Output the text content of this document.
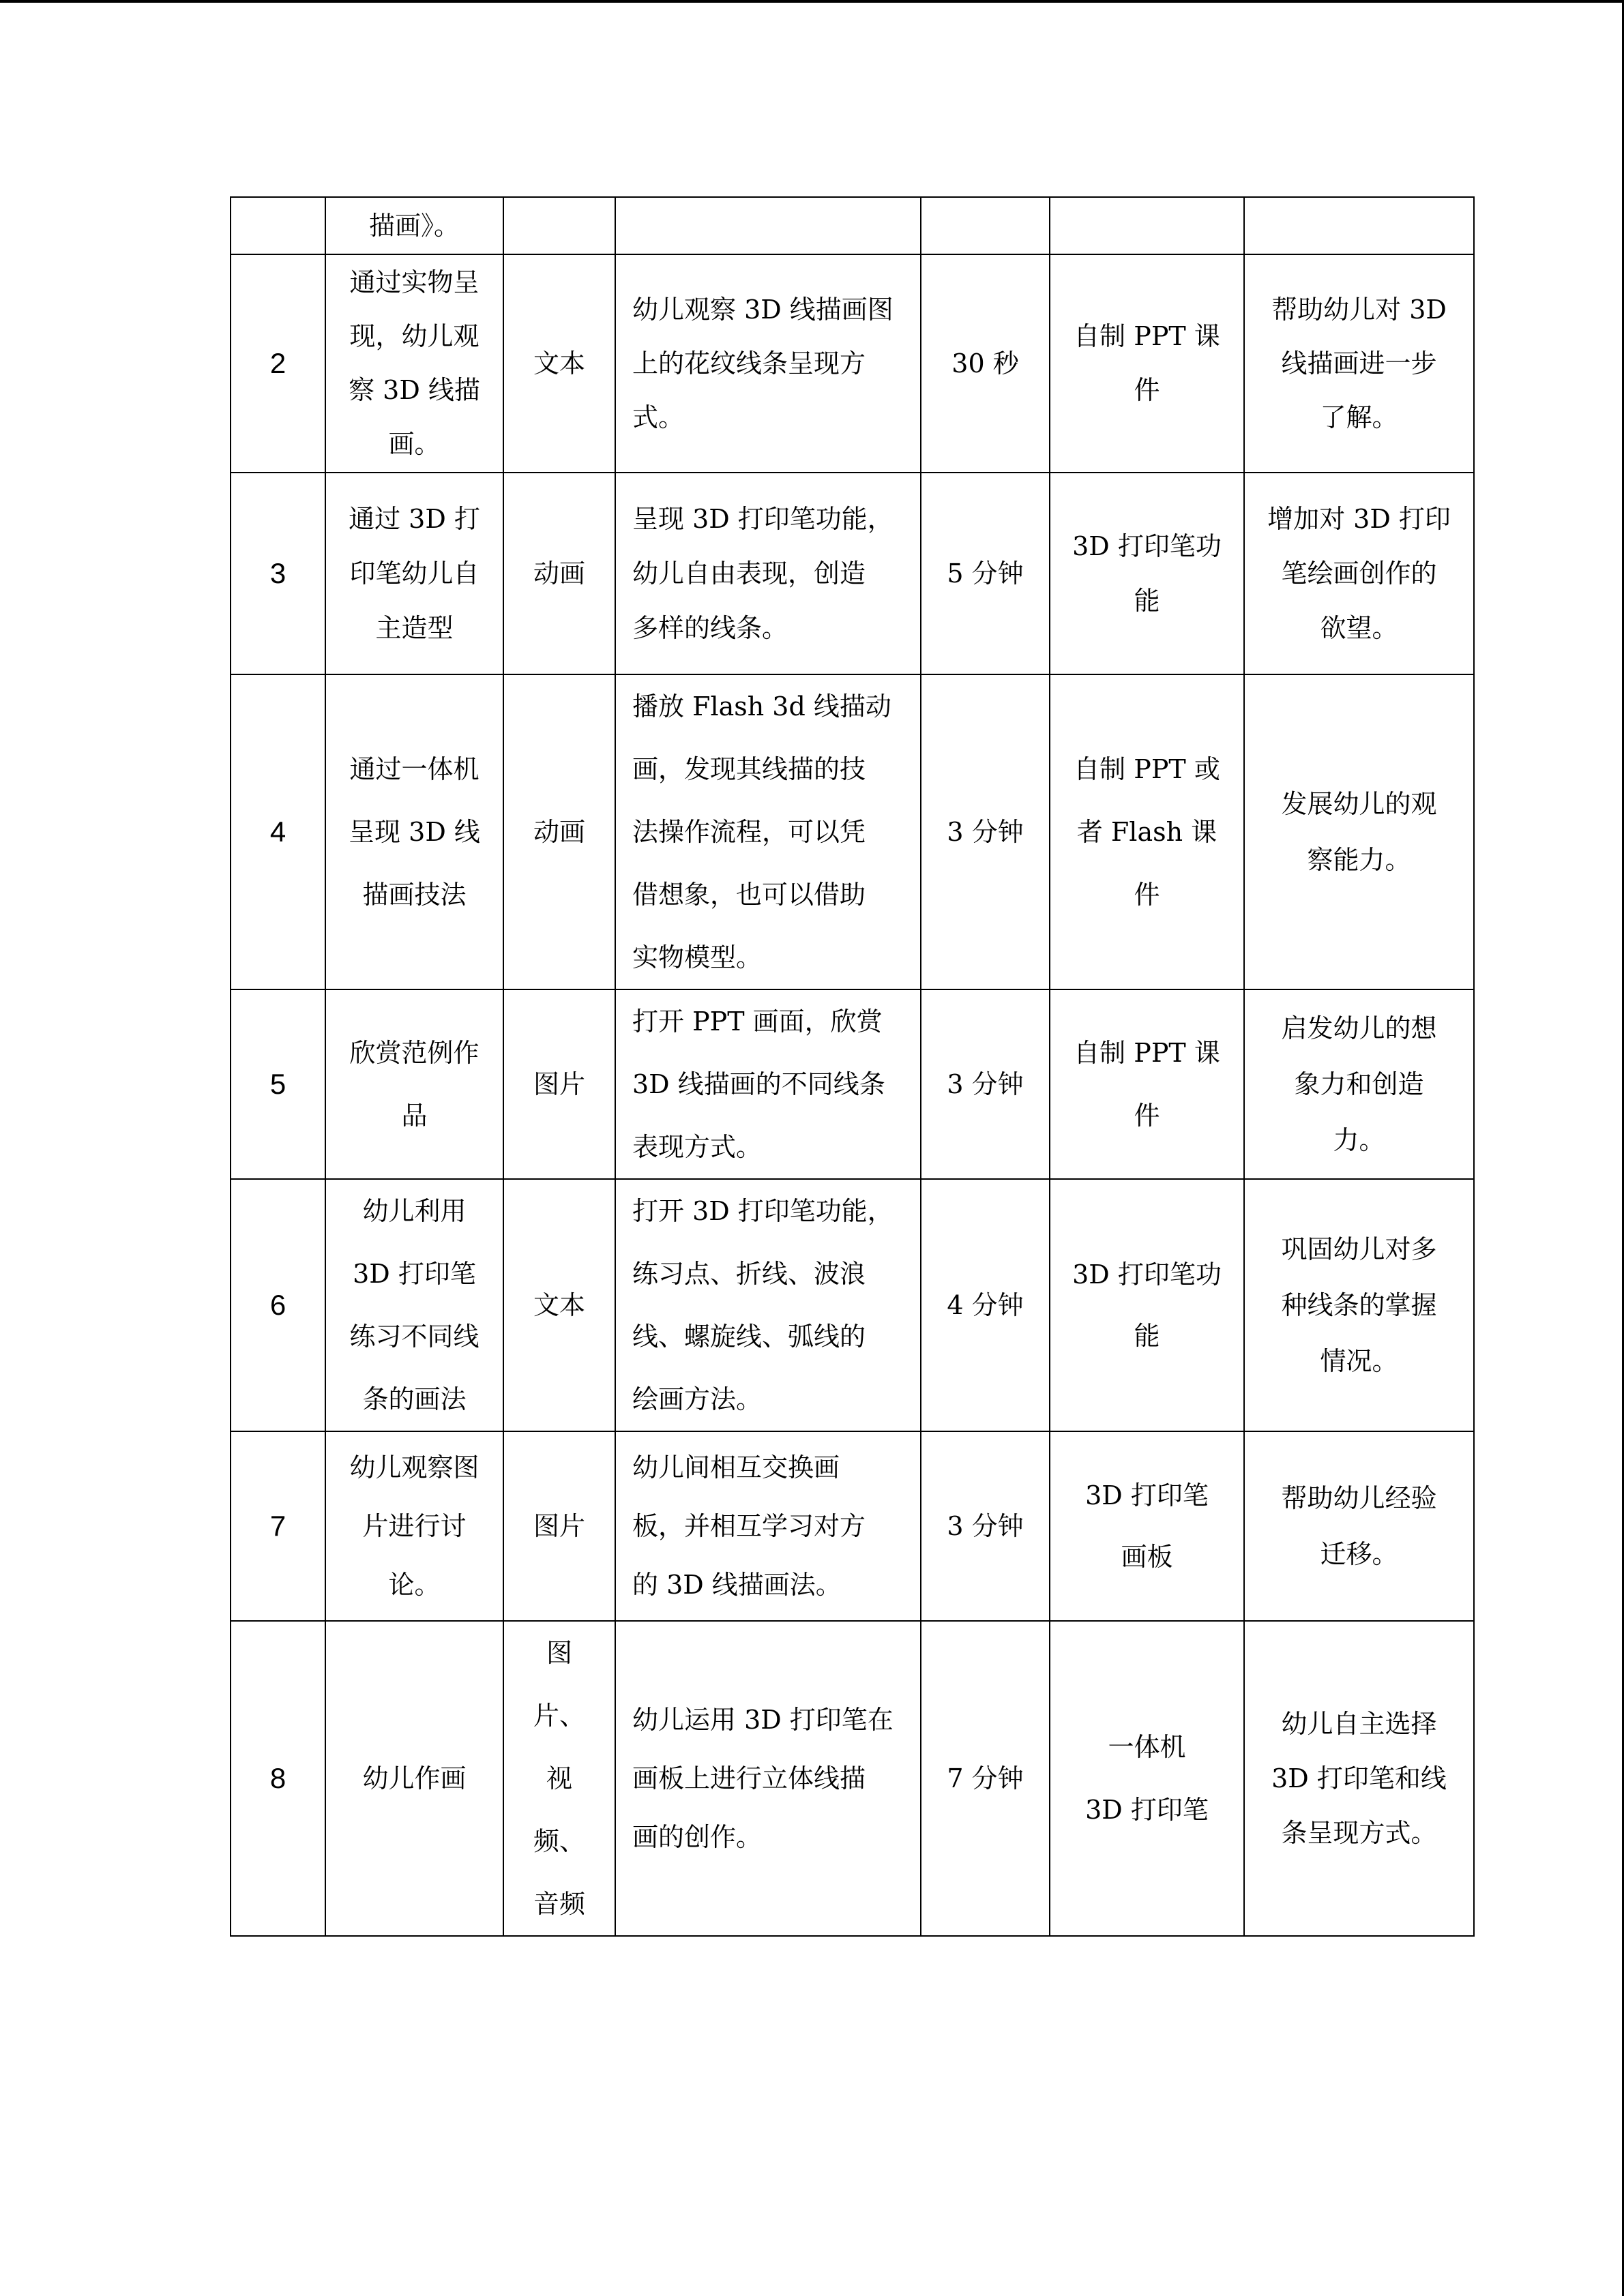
	描画》。					
2	通过实物呈
现，幼儿观
察 3D 线描
画。	文本	幼儿观察 3D 线描画图
上的花纹线条呈现方
式。	30 秒	自制 PPT 课
件	帮助幼儿对 3D
线描画进一步
了解。
3	通过 3D 打
印笔幼儿自
主造型	动画	呈现 3D 打印笔功能，
幼儿自由表现，创造
多样的线条。	5 分钟	3D 打印笔功
能	增加对 3D 打印
笔绘画创作的
欲望。
4	通过一体机
呈现 3D 线
描画技法	动画	播放 Flash 3d 线描动
画，发现其线描的技
法操作流程，可以凭
借想象，也可以借助
实物模型。	3 分钟	自制 PPT 或
者 Flash 课
件	发展幼儿的观
察能力。
5	欣赏范例作
品	图片	打开 PPT 画面，欣赏
3D 线描画的不同线条
表现方式。	3 分钟	自制 PPT 课
件	启发幼儿的想
象力和创造
力。
6	幼儿利用
3D 打印笔
练习不同线
条的画法	文本	打开 3D 打印笔功能，
练习点、折线、波浪
线、螺旋线、弧线的
绘画方法。	4 分钟	3D 打印笔功
能	巩固幼儿对多
种线条的掌握
情况。
7	幼儿观察图
片进行讨
论。	图片	幼儿间相互交换画
板，并相互学习对方
的 3D 线描画法。	3 分钟	3D 打印笔
画板	帮助幼儿经验
迁移。
8	幼儿作画	图
片、
视
频、
音频	幼儿运用 3D 打印笔在
画板上进行立体线描
画的创作。	7 分钟	一体机
3D 打印笔	幼儿自主选择
3D 打印笔和线
条呈现方式。
